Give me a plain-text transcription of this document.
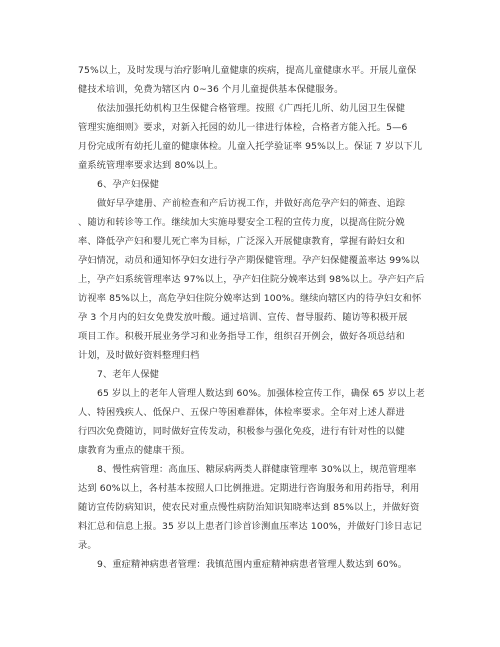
75%以上，及时发现与治疗影响儿童健康的疾病，提高儿童健康水平。开展儿童保
健技术培训，免费为辖区内 0~36 个月儿童提供基本保健服务。
依法加强托幼机构卫生保健合格管理。按照《广西托儿所、幼儿园卫生保健
管理实施细则》要求，对新入托园的幼儿一律进行体检，合格者方能入托。5—6
月份完成所有幼托儿童的健康体检。儿童入托学验证率 95%以上。保证 7 岁以下儿
童系统管理率要求达到 80%以上。
6、孕产妇保健
做好早孕建册、产前检查和产后访视工作，并做好高危孕产妇的筛查、追踪
、随访和转诊等工作。继续加大实施母婴安全工程的宣传力度，以提高住院分娩
率、降低孕产妇和婴儿死亡率为目标，广泛深入开展健康教育，掌握有龄妇女和
孕妇情况，动员和通知怀孕妇女进行孕产期保健管理。孕产妇保健覆盖率达 99%以
上，孕产妇系统管理率达 97%以上，孕产妇住院分娩率达到 98%以上。孕产妇产后
访视率 85%以上，高危孕妇住院分娩率达到 100%。继续向辖区内的待孕妇女和怀
孕 3 个月内的妇女免费发放叶酸。通过培训、宣传、督导服药、随访等积极开展
项目工作。积极开展业务学习和业务指导工作，组织召开例会，做好各项总结和
计划，及时做好资料整理归档
7、老年人保健
65 岁以上的老年人管理人数达到 60%。加强体检宣传工作，确保 65 岁以上老
人、特困残疾人、低保户、五保户等困难群体，体检率要求。全年对上述人群进
行四次免费随访，同时做好宣传发动，积极参与强化免疫，进行有针对性的以健
康教育为重点的健康干预。
8、慢性病管理：高血压、糖尿病两类人群健康管理率 30%以上，规范管理率
达到 60%以上，各村基本按照人口比例推进。定期进行咨询服务和用药指导，利用
随访宣传防病知识，使农民对重点慢性病防治知识知晓率达到 85%以上，并做好资
料汇总和信息上报。35 岁以上患者门诊首诊测血压率达 100%，并做好门诊日志记
录。
9、重症精神病患者管理：我镇范围内重症精神病患者管理人数达到 60%。
